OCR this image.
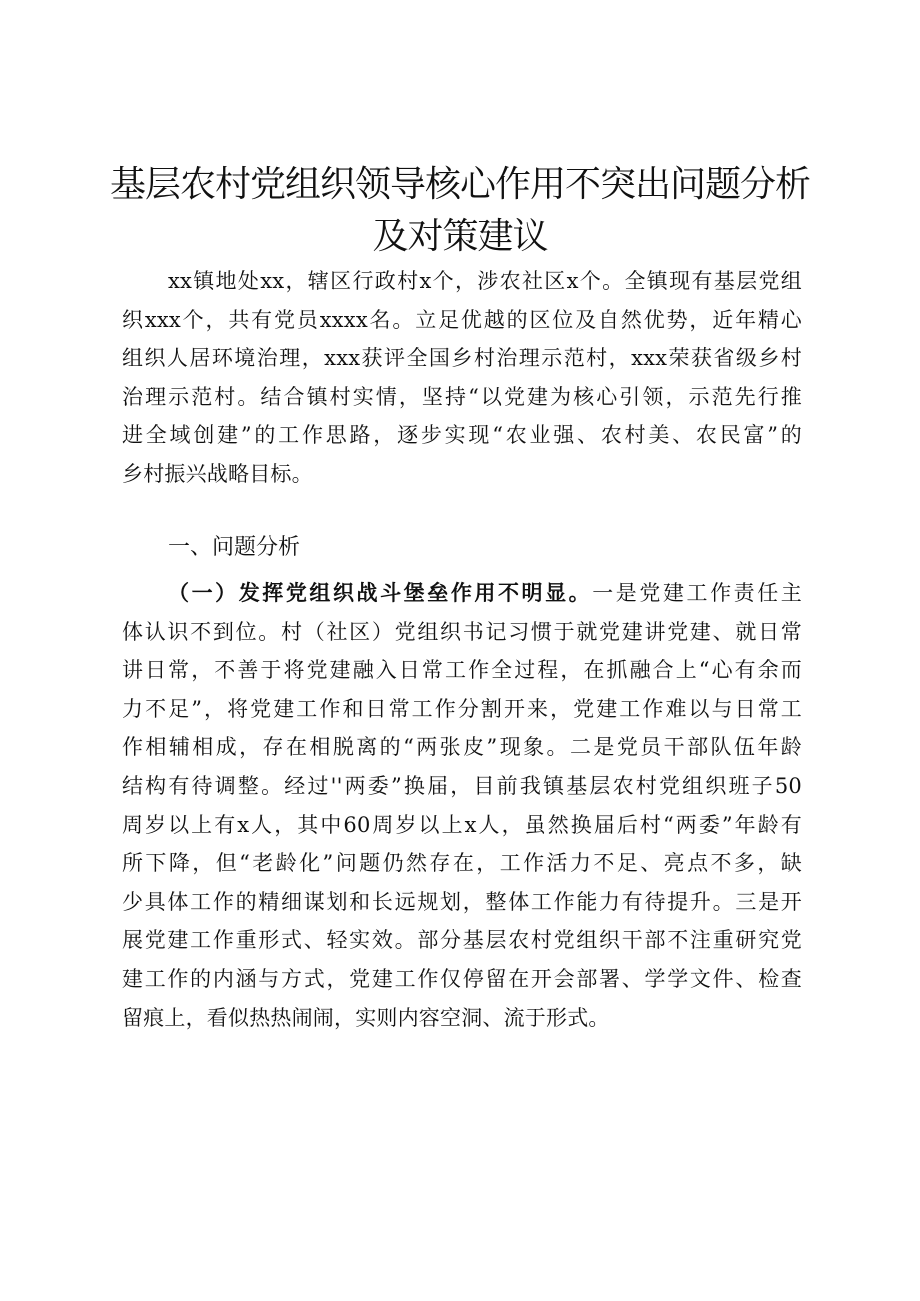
基层农村党组织领导核心作用不突出问题分析
及对策建议
xx镇地处xx，辖区行政村x个，涉农社区x个。全镇现有基层党组
织xxx个，共有党员xxxx名。立足优越的区位及自然优势，近年精心
组织人居环境治理，xxx获评全国乡村治理示范村，xxx荣获省级乡村
治理示范村。结合镇村实情，坚持“以党建为核心引领，示范先行推
进全域创建”的工作思路，逐步实现“农业强、农村美、农民富”的
乡村振兴战略目标。
一、问题分析
（一）发挥党组织战斗堡垒作用不明显。一是党建工作责任主
体认识不到位。村（社区）党组织书记习惯于就党建讲党建、就日常
讲日常，不善于将党建融入日常工作全过程，在抓融合上“心有余而
力不足”，将党建工作和日常工作分割开来，党建工作难以与日常工
作相辅相成，存在相脱离的“两张皮”现象。二是党员干部队伍年龄
结构有待调整。经过''两委”换届，目前我镇基层农村党组织班子50
周岁以上有x人，其中60周岁以上x人，虽然换届后村“两委”年龄有
所下降，但“老龄化”问题仍然存在，工作活力不足、亮点不多，缺
少具体工作的精细谋划和长远规划，整体工作能力有待提升。三是开
展党建工作重形式、轻实效。部分基层农村党组织干部不注重研究党
建工作的内涵与方式，党建工作仅停留在开会部署、学学文件、检查
留痕上，看似热热闹闹，实则内容空洞、流于形式。
